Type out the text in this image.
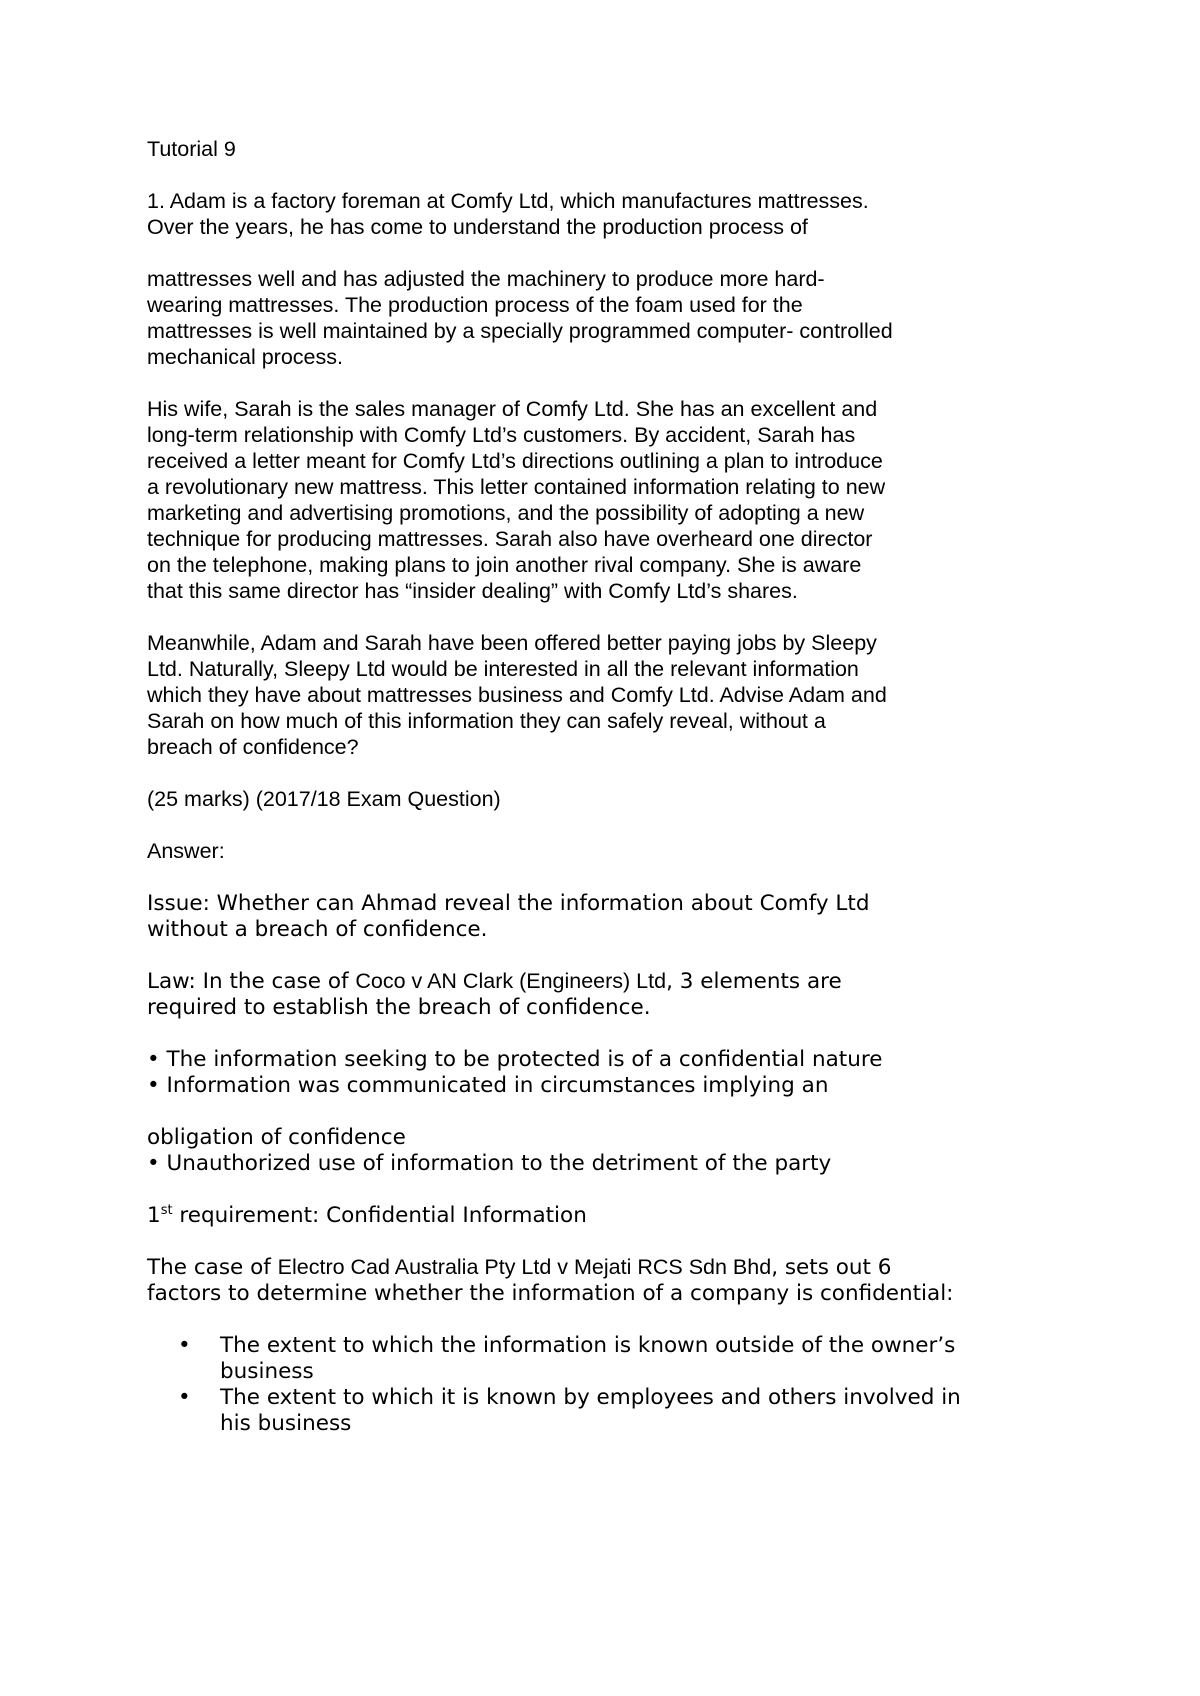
Tutorial 9
1. Adam is a factory foreman at Comfy Ltd, which manufactures mattresses.
Over the years, he has come to understand the production process of
mattresses well and has adjusted the machinery to produce more hard-
wearing mattresses. The production process of the foam used for the
mattresses is well maintained by a specially programmed computer- controlled
mechanical process.
His wife, Sarah is the sales manager of Comfy Ltd. She has an excellent and
long-term relationship with Comfy Ltd’s customers. By accident, Sarah has
received a letter meant for Comfy Ltd’s directions outlining a plan to introduce
a revolutionary new mattress. This letter contained information relating to new
marketing and advertising promotions, and the possibility of adopting a new
technique for producing mattresses. Sarah also have overheard one director
on the telephone, making plans to join another rival company. She is aware
that this same director has “insider dealing” with Comfy Ltd’s shares.
Meanwhile, Adam and Sarah have been offered better paying jobs by Sleepy
Ltd. Naturally, Sleepy Ltd would be interested in all the relevant information
which they have about mattresses business and Comfy Ltd. Advise Adam and
Sarah on how much of this information they can safely reveal, without a
breach of confidence?
(25 marks) (2017/18 Exam Question)
Answer:
Issue: Whether can Ahmad reveal the information about Comfy Ltd
without a breach of confidence.
Law: In the case of Coco v AN Clark (Engineers) Ltd, 3 elements are
required to establish the breach of confidence.
• The information seeking to be protected is of a confidential nature
• Information was communicated in circumstances implying an
obligation of confidence
• Unauthorized use of information to the detriment of the party
1st requirement: Confidential Information
The case of Electro Cad Australia Pty Ltd v Mejati RCS Sdn Bhd, sets out 6
factors to determine whether the information of a company is confidential:
• The extent to which the information is known outside of the owner’s
business
• The extent to which it is known by employees and others involved in
his business
